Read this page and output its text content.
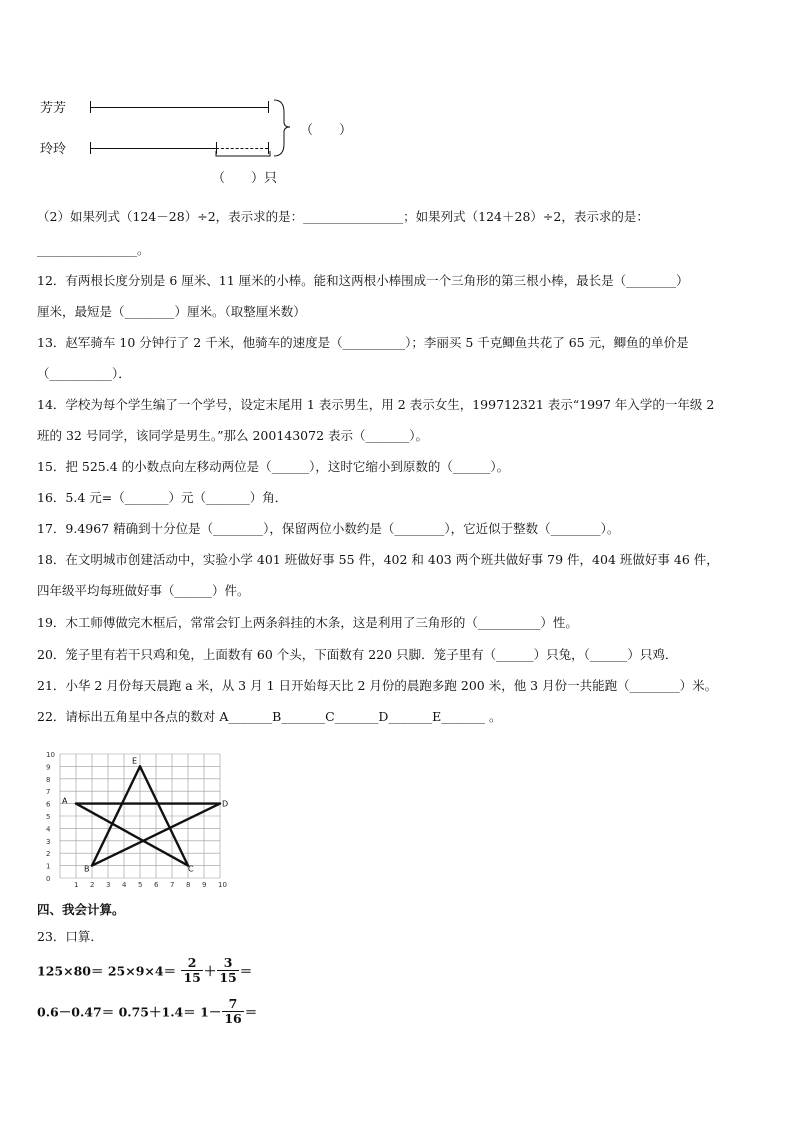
芳芳
玲玲
（　　）只
（　　）
（2）如果列式（124－28）÷2，表示求的是：________________；如果列式（124＋28）÷2，表示求的是：
________________。
12．有两根长度分别是 6 厘米、11 厘米的小棒。能和这两根小棒围成一个三角形的第三根小棒，最长是（________）
厘米，最短是（________）厘米。（取整厘米数）
13．赵军骑车 10 分钟行了 2 千米，他骑车的速度是（__________）；李丽买 5 千克鲫鱼共花了 65 元，鲫鱼的单价是
（__________）．
14．学校为每个学生编了一个学号，设定末尾用 1 表示男生，用 2 表示女生，199712321 表示“1997 年入学的一年级 2
班的 32 号同学，该同学是男生。”那么 200143072 表示（_______）。
15．把 525.4 的小数点向左移动两位是（______），这时它缩小到原数的（______）。
16．5.4 元=（_______）元（_______）角．
17．9.4967 精确到十分位是（________），保留两位小数约是（________），它近似于整数（________）。
18．在文明城市创建活动中，实验小学 401 班做好事 55 件，402 和 403 两个班共做好事 79 件，404 班做好事 46 件，
四年级平均每班做好事（______）件。
19．木工师傅做完木框后，常常会钉上两条斜挂的木条，这是利用了三角形的（__________）性。
20．笼子里有若干只鸡和兔，上面数有 60 个头，下面数有 220 只脚．笼子里有（______）只兔，（______）只鸡．
21．小华 2 月份每天晨跑 a 米，从 3 月 1 日开始每天比 2 月份的晨跑多跑 200 米，他 3 月份一共能跑（________）米。
22．请标出五角星中各点的数对 A_______B_______C_______D_______E_______ 。
10
9
8
7
6
5
4
3
2
1
0
1 2 3 4 5 6 7 8 9 10
A
B	C
D
E
四、我会计算。
23．口算．
$125\times 80= 25\times 9\times 4= \frac{2}{15} + \frac{3}{15}$ ＝
$0.6-0.47= 0.75+1.4= 1- \frac{7}{16}$ ＝
